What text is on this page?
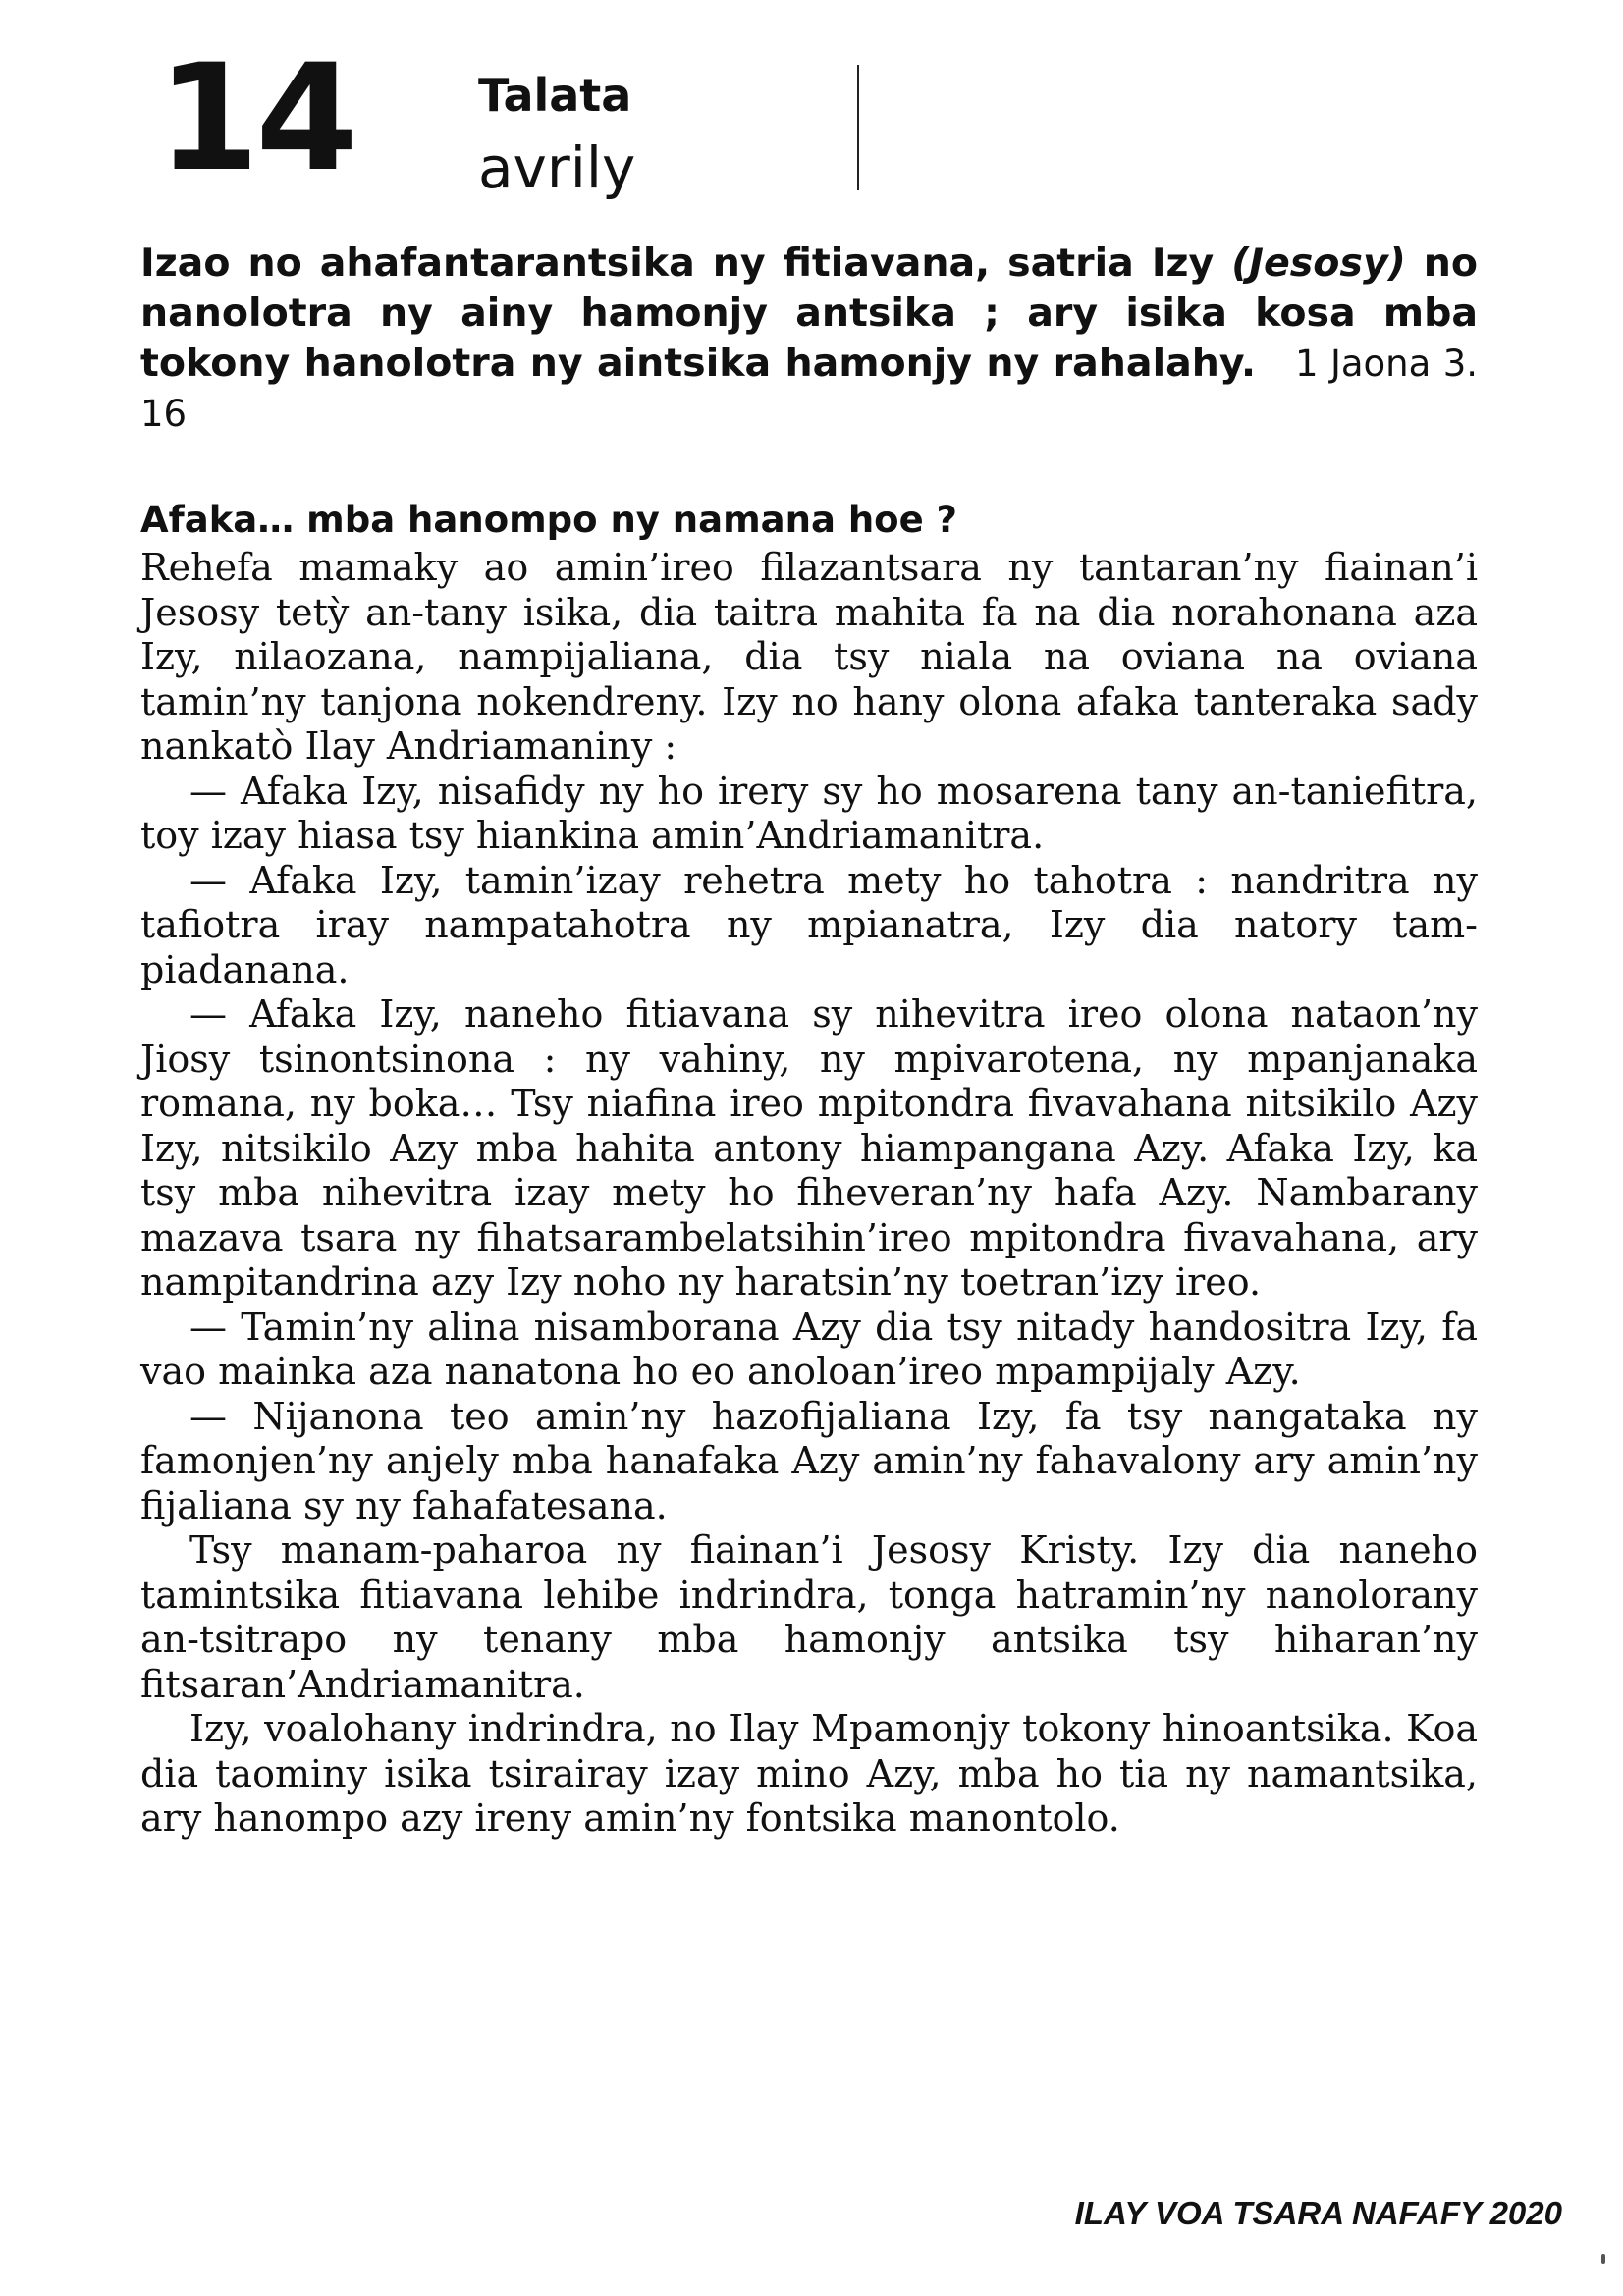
14	Talata
avrily

Izao no ahafantarantsika ny fitiavana, satria Izy (Jesosy) no nanolotra ny ainy hamonjy antsika ; ary isika kosa mba tokony hanolotra ny aintsika hamonjy ny rahalahy. 1 Jaona 3. 16

Afaka… mba hanompo ny namana hoe ?

Rehefa mamaky ao amin’ireo filazantsara ny tantaran’ny fiainan’i Jesosy tetỳ an-tany isika, dia taitra mahita fa na dia norahonana aza Izy, nilaozana, nampijaliana, dia tsy niala na oviana na oviana tamin’ny tanjona nokendreny. Izy no hany olona afaka tanteraka sady nankatò Ilay Andriamaniny :

— Afaka Izy, nisafidy ny ho irery sy ho mosarena tany an-taniefitra, toy izay hiasa tsy hiankina amin’Andriamanitra.

— Afaka Izy, tamin’izay rehetra mety ho tahotra : nandritra ny tafiotra iray nampatahotra ny mpianatra, Izy dia natory tam-piadanana.

— Afaka Izy, naneho fitiavana sy nihevitra ireo olona nataon’ny Jiosy tsinontsinona : ny vahiny, ny mpivarotena, ny mpanjanaka romana, ny boka… Tsy niafina ireo mpitondra fivavahana nitsikilo Azy Izy, nitsikilo Azy mba hahita antony hiampangana Azy. Afaka Izy, ka tsy mba nihevitra izay mety ho fiheveran’ny hafa Azy. Nambarany mazava tsara ny fihatsarambelatsihin’ireo mpitondra fivavahana, ary nampitandrina azy Izy noho ny haratsin’ny toetran’izy ireo.

— Tamin’ny alina nisamborana Azy dia tsy nitady handositra Izy, fa vao mainka aza nanatona ho eo anoloan’ireo mpampijaly Azy.

— Nijanona teo amin’ny hazofijaliana Izy, fa tsy nangataka ny famonjen’ny anjely mba hanafaka Azy amin’ny fahavalony ary amin’ny fijaliana sy ny fahafatesana.

Tsy manam-paharoa ny fiainan’i Jesosy Kristy. Izy dia naneho tamintsika fitiavana lehibe indrindra, tonga hatramin’ny nanolorany an-tsitrapo ny tenany mba hamonjy antsika tsy hiharan’ny fitsaran’Andriamanitra.

Izy, voalohany indrindra, no Ilay Mpamonjy tokony hinoantsika. Koa dia taominy isika tsirairay izay mino Azy, mba ho tia ny namantsika, ary hanompo azy ireny amin’ny fontsika manontolo.

ILAY VOA TSARA NAFAFY 2020
